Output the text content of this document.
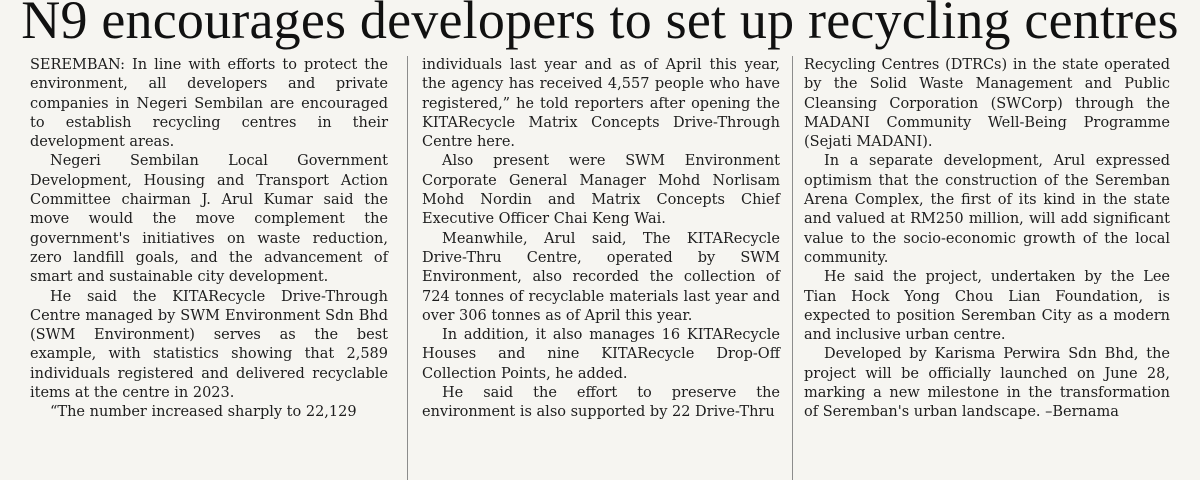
N9 encourages developers to set up recycling centres

SEREMBAN: In line with efforts to protect the environment, all developers and private companies in Negeri Sembilan are encouraged to establish recycling centres in their development areas.

Negeri Sembilan Local Government Development, Housing and Transport Action Committee chairman J. Arul Kumar said the move would the move complement the government's initiatives on waste reduction, zero landfill goals, and the advancement of smart and sustainable city development.

He said the KITARecycle Drive-Through Centre managed by SWM Environment Sdn Bhd (SWM Environment) serves as the best example, with statistics showing that 2,589 individuals registered and delivered recyclable items at the centre in 2023.

“The number increased sharply to 22,129

individuals last year and as of April this year, the agency has received 4,557 people who have registered,” he told reporters after opening the KITARecycle Matrix Concepts Drive-Through Centre here.

Also present were SWM Environment Corporate General Manager Mohd Norlisam Mohd Nordin and Matrix Concepts Chief Executive Officer Chai Keng Wai.

Meanwhile, Arul said, The KITARecycle Drive-Thru Centre, operated by SWM Environment, also recorded the collection of 724 tonnes of recyclable materials last year and over 306 tonnes as of April this year.

In addition, it also manages 16 KITARecycle Houses and nine KITARecycle Drop-Off Collection Points, he added.

He said the effort to preserve the environment is also supported by 22 Drive-Thru

Recycling Centres (DTRCs) in the state operated by the Solid Waste Management and Public Cleansing Corporation (SWCorp) through the MADANI Community Well-Being Programme (Sejati MADANI).

In a separate development, Arul expressed optimism that the construction of the Seremban Arena Complex, the first of its kind in the state and valued at RM250 million, will add significant value to the socio-economic growth of the local community.

He said the project, undertaken by the Lee Tian Hock Yong Chou Lian Foundation, is expected to position Seremban City as a modern and inclusive urban centre.

Developed by Karisma Perwira Sdn Bhd, the project will be officially launched on June 28, marking a new milestone in the transformation of Seremban's urban landscape. –Bernama
